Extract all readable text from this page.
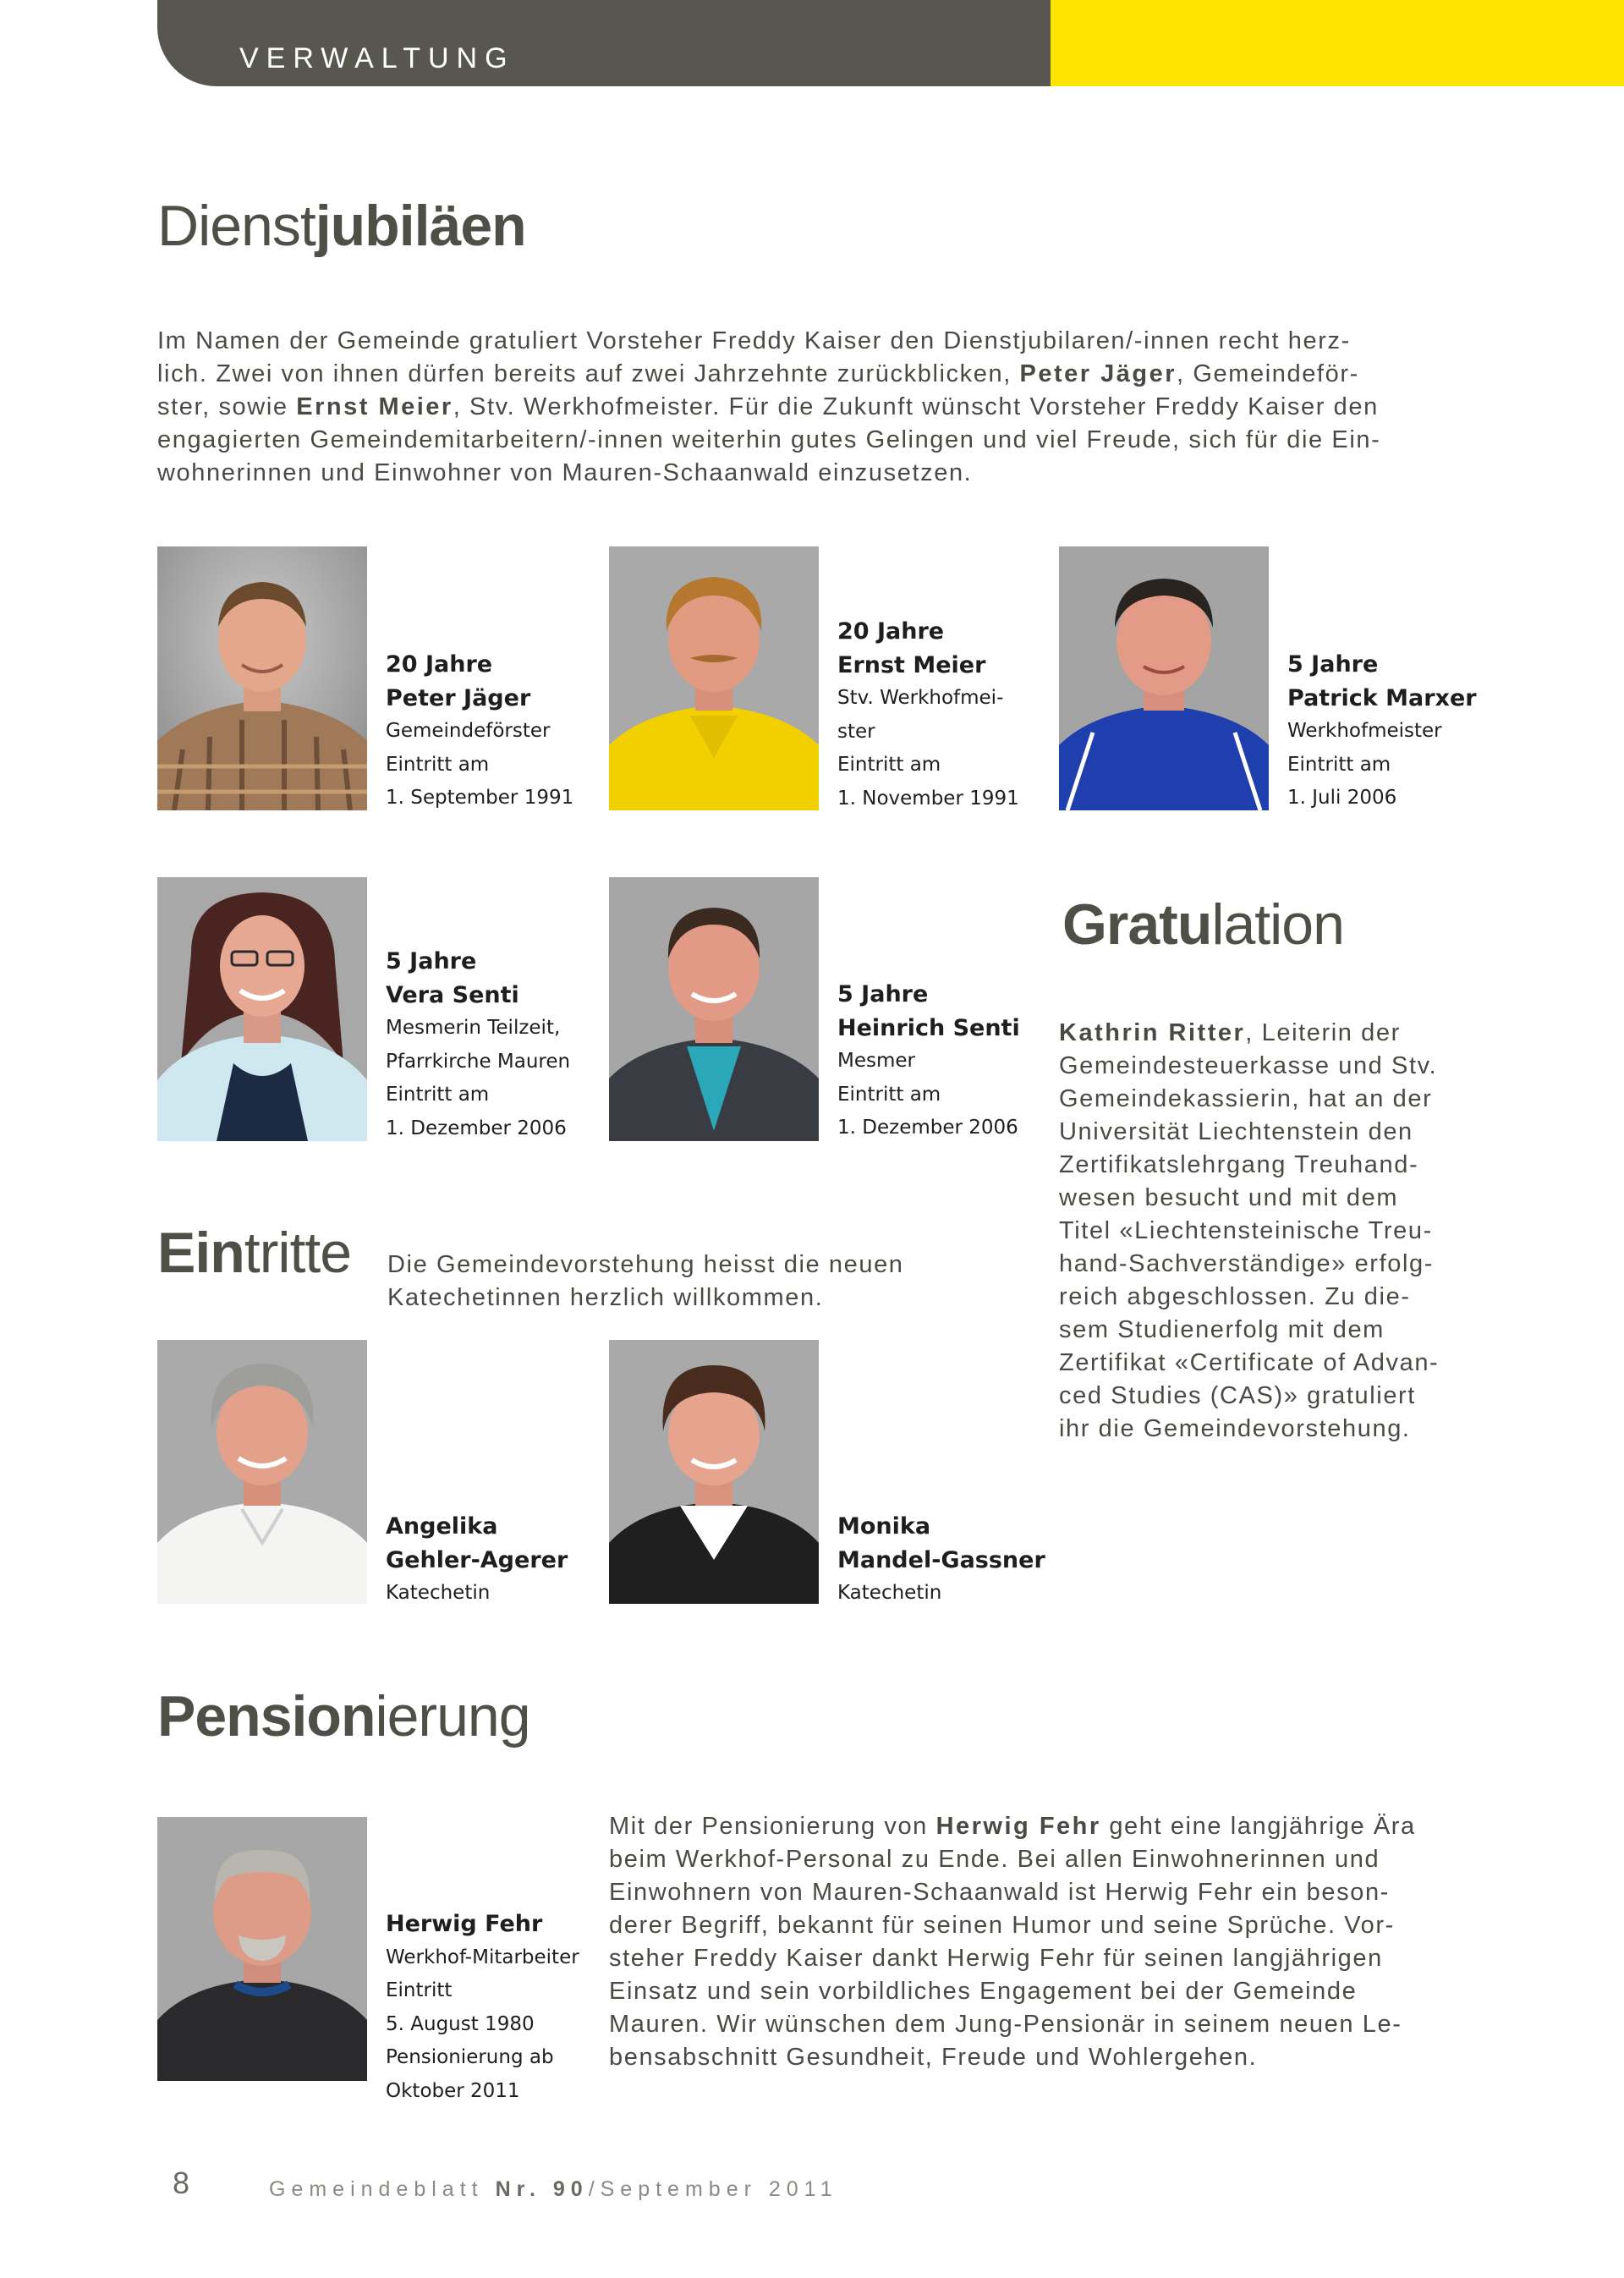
VERWALTUNG
Dienstjubiläen
Im Namen der Gemeinde gratuliert Vorsteher Freddy Kaiser den Dienstjubilaren/-innen recht herz-
lich. Zwei von ihnen dürfen bereits auf zwei Jahrzehnte zurückblicken, Peter Jäger, Gemeindeför-
ster, sowie Ernst Meier, Stv. Werkhofmeister. Für die Zukunft wünscht Vorsteher Freddy Kaiser den
engagierten Gemeindemitarbeitern/-innen weiterhin gutes Gelingen und viel Freude, sich für die Ein-
wohnerinnen und Einwohner von Mauren-Schaanwald einzusetzen.
20 Jahre
Peter Jäger
Gemeindeförster
Eintritt am
1. September 1991
20 Jahre
Ernst Meier
Stv. Werkhofmei-
ster
Eintritt am
1. November 1991
5 Jahre
Patrick Marxer
Werkhofmeister
Eintritt am
1. Juli 2006
5 Jahre
Vera Senti
Mesmerin Teilzeit,
Pfarrkirche Mauren
Eintritt am
1. Dezember 2006
5 Jahre
Heinrich Senti
Mesmer
Eintritt am
1. Dezember 2006
Gratulation
Kathrin Ritter, Leiterin der
Gemeindesteuerkasse und Stv.
Gemeindekassierin, hat an der
Universität Liechtenstein den
Zertifikatslehrgang Treuhand-
wesen besucht und mit dem
Titel «Liechtensteinische Treu-
hand-Sachverständige» erfolg-
reich abgeschlossen. Zu die-
sem Studienerfolg mit dem
Zertifikat «Certificate of Advan-
ced Studies (CAS)» gratuliert
ihr die Gemeindevorstehung.
Eintritte Die Gemeindevorstehung heisst die neuen
Katechetinnen herzlich willkommen.
Angelika
Gehler-Agerer
Katechetin
Monika
Mandel-Gassner
Katechetin
Pensionierung
Herwig Fehr
Werkhof-Mitarbeiter
Eintritt
5. August 1980
Pensionierung ab
Oktober 2011
Mit der Pensionierung von Herwig Fehr geht eine langjährige Ära
beim Werkhof-Personal zu Ende. Bei allen Einwohnerinnen und
Einwohnern von Mauren-Schaanwald ist Herwig Fehr ein beson-
derer Begriff, bekannt für seinen Humor und seine Sprüche. Vor-
steher Freddy Kaiser dankt Herwig Fehr für seinen langjährigen
Einsatz und sein vorbildliches Engagement bei der Gemeinde
Mauren. Wir wünschen dem Jung-Pensionär in seinem neuen Le-
bensabschnitt Gesundheit, Freude und Wohlergehen.
8	Gemeindeblatt Nr. 90/September 2011
